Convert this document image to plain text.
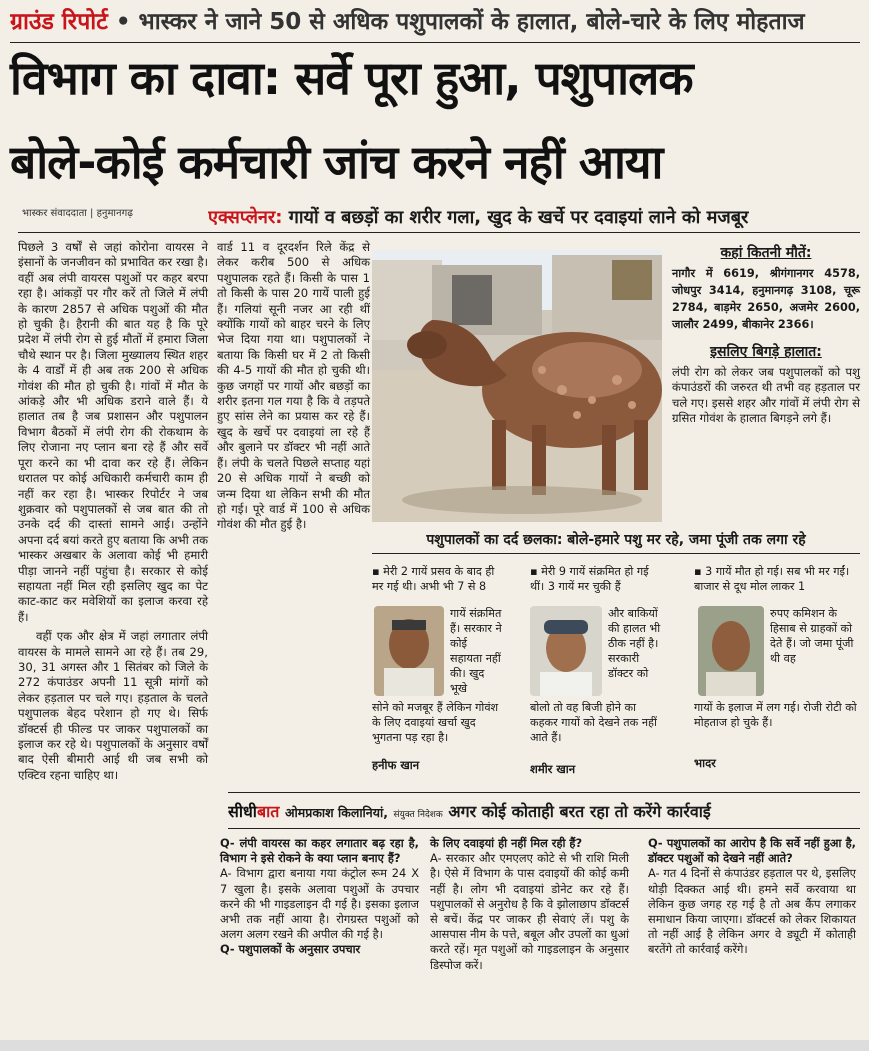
ग्राउंड रिपोर्ट • भास्कर ने जाने 50 से अधिक पशुपालकों के हालात, बोले-चारे के लिए मोहताज
विभाग का दावा: सर्वे पूरा हुआ, पशुपालक
बोले-कोई कर्मचारी जांच करने नहीं आया
भास्कर संवाददाता | हनुमानगढ़	एक्सप्लेनर: गायों व बछड़ों का शरीर गला, खुद के खर्चे पर दवाइयां लाने को मजबूर
पिछले 3 वर्षों से जहां कोरोना वायरस ने इंसानों के जनजीवन को प्रभावित कर रखा है। वहीं अब लंपी वायरस पशुओं पर कहर बरपा रहा है। आंकड़ों पर गौर करें तो जिले में लंपी के कारण 2857 से अधिक पशुओं की मौत हो चुकी है। हैरानी की बात यह है कि पूरे प्रदेश में लंपी रोग से हुई मौतों में हमारा जिला चौथे स्थान पर है। जिला मुख्यालय स्थित शहर के 4 वार्डों में ही अब तक 200 से अधिक गोवंश की मौत हो चुकी है। गांवों में मौत के आंकड़े और भी अधिक डराने वाले हैं। ये हालात तब है जब प्रशासन और पशुपालन विभाग बैठकों में लंपी रोग की रोकथाम के लिए रोजाना नए प्लान बना रहे हैं और सर्वे पूरा करने का भी दावा कर रहे हैं। लेकिन धरातल पर कोई अधिकारी कर्मचारी काम ही नहीं कर रहा है। भास्कर रिपोर्टर ने जब शुक्रवार को पशुपालकों से जब बात की तो उनके दर्द की दास्तां सामने आई। उन्होंने अपना दर्द बयां करते हुए बताया कि अभी तक भास्कर अखबार के अलावा कोई भी हमारी पीड़ा जानने नहीं पहुंचा है। सरकार से कोई सहायता नहीं मिल रही इसलिए खुद का पेट काट-काट कर मवेशियों का इलाज करवा रहे हैं।
वहीं एक और क्षेत्र में जहां लगातार लंपी वायरस के मामले सामने आ रहे हैं। तब 29, 30, 31 अगस्त और 1 सितंबर को जिले के 272 कंपाउंडर अपनी 11 सूत्री मांगों को लेकर हड़ताल पर चले गए। हड़ताल के चलते पशुपालक बेहद परेशान हो गए थे। सिर्फ डॉक्टर्स ही फील्ड पर जाकर पशुपालकों का इलाज कर रहे थे। पशुपालकों के अनुसार वर्षों बाद ऐसी बीमारी आई थी जब सभी को एक्टिव रहना चाहिए था।
वार्ड 11 व दूरदर्शन रिले केंद्र से लेकर करीब 500 से अधिक पशुपालक रहते हैं। किसी के पास 1 तो किसी के पास 20 गायें पाली हुई हैं। गलियां सूनी नजर आ रही थीं क्योंकि गायों को बाहर चरने के लिए भेज दिया गया था। पशुपालकों ने बताया कि किसी घर में 2 तो किसी की 4-5 गायों की मौत हो चुकी थी। कुछ जगहों पर गायों और बछड़ों का शरीर इतना गल गया है कि वे तड़पते हुए सांस लेने का प्रयास कर रहे हैं। खुद के खर्चे पर दवाइयां ला रहे हैं और बुलाने पर डॉक्टर भी नहीं आते हैं। लंपी के चलते पिछले सप्ताह यहां 20 से अधिक गायों ने बच्छी को जन्म दिया था लेकिन सभी की मौत हो गई। पूरे वार्ड में 100 से अधिक गोवंश की मौत हुई है।
कहां कितनी मौतें:
नागौर में 6619, श्रीगंगानगर 4578, जोधपुर 3414, हनुमानगढ़ 3108, चूरू 2784, बाड़मेर 2650, अजमेर 2600, जालौर 2499, बीकानेर 2366।
इसलिए बिगड़े हालात:
लंपी रोग को लेकर जब पशुपालकों को पशु कंपाउंडरों की जरुरत थी तभी वह हड़ताल पर चले गए। इससे शहर और गांवों में लंपी रोग से ग्रसित गोवंश के हालात बिगड़ने लगे हैं।
पशुपालकों का दर्द छलका: बोले-हमारे पशु मर रहे, जमा पूंजी तक लगा रहे
▪ मेरी 2 गायें प्रसव के बाद ही मर गई थी। अभी भी 7 से 8
गायें संक्रमित हैं। सरकार ने कोई सहायता नहीं की। खुद भूखे
सोने को मजबूर हैं लेकिन गोवंश के लिए दवाइयां खर्चा खुद भुगतना पड़ रहा है।
हनीफ खान
▪ मेरी 9 गायें संक्रमित हो गई थीं। 3 गायें मर चुकी हैं
और बाकियों की हालत भी ठीक नहीं है। सरकारी डॉक्टर को
बोलो तो वह बिजी होने का कहकर गायों को देखने तक नहीं आते हैं।
शमीर खान
▪ 3 गायें मौत हो गई। सब भी मर गईं। बाजार से दूध मोल लाकर 1
रुपए कमिशन के हिसाब से ग्राहकों को देते हैं। जो जमा पूंजी थी वह
गायों के इलाज में लग गई। रोजी रोटी को मोहताज हो चुके हैं।
भादर
सीधीबात ओमप्रकाश किलानियां, संयुक्त निदेशक अगर कोई कोताही बरत रहा तो करेंगे कार्रवाई
Q- लंपी वायरस का कहर लगातार बढ़ रहा है, विभाग ने इसे रोकने के क्या प्लान बनाए हैं?
A- विभाग द्वारा बनाया गया कंट्रोल रूम 24 X 7 खुला है। इसके अलावा पशुओं के उपचार करने की भी गाइडलाइन दी गई है। इसका इलाज अभी तक नहीं आया है। रोगग्रस्त पशुओं को अलग अलग रखने की अपील की गई है।
Q- पशुपालकों के अनुसार उपचार
के लिए दवाइयां ही नहीं मिल रही हैं?
A- सरकार और एमएलए कोटे से भी राशि मिली है। ऐसे में विभाग के पास दवाइयों की कोई कमी नहीं है। लोग भी दवाइयां डोनेट कर रहे हैं। पशुपालकों से अनुरोध है कि वे झोलाछाप डॉक्टर्स से बचें। केंद्र पर जाकर ही सेवाएं लें। पशु के आसपास नीम के पत्ते, बबूल और उपलों का धुआं करते रहें। मृत पशुओं को गाइडलाइन के अनुसार डिस्पोज करें।
Q- पशुपालकों का आरोप है कि सर्वे नहीं हुआ है, डॉक्टर पशुओं को देखने नहीं आते?
A- गत 4 दिनों से कंपाउंडर हड़ताल पर थे, इसलिए थोड़ी दिक्कत आई थी। हमने सर्वे करवाया था लेकिन कुछ जगह रह गई है तो अब कैंप लगाकर समाधान किया जाएगा। डॉक्टर्स को लेकर शिकायत तो नहीं आई है लेकिन अगर वे ड्यूटी में कोताही बरतेंगे तो कार्रवाई करेंगे।
